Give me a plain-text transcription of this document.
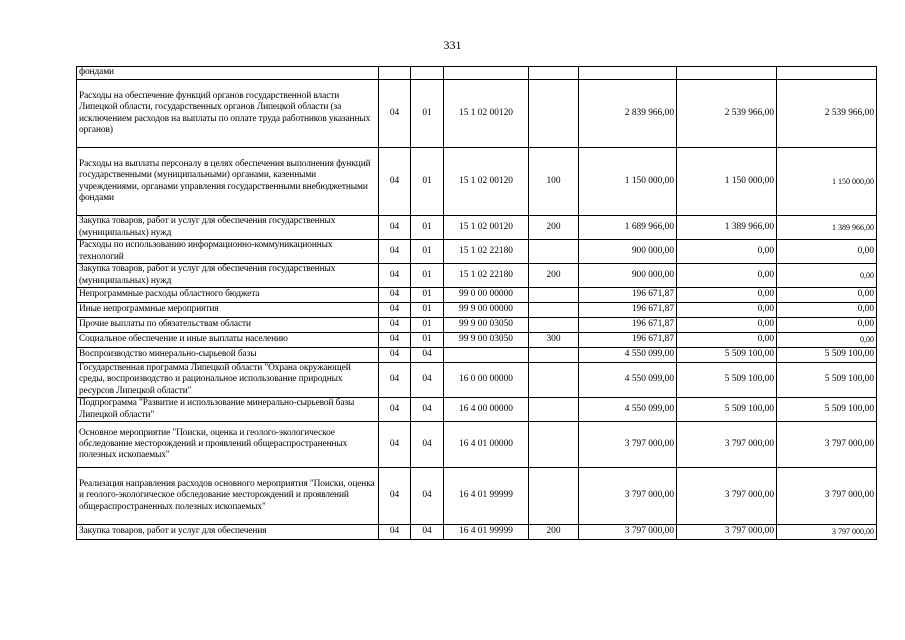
331
фондами							
Расходы на обеспечение функций органов государственной власти Липецкой области, государственных органов Липецкой области (за исключением расходов на выплаты по оплате труда работников указанных органов)	04	01	15 1 02 00120		2 839 966,00	2 539 966,00	2 539 966,00
Расходы на выплаты персоналу в целях обеспечения выполнения функций государственными (муниципальными) органами, казенными учреждениями, органами управления государственными внебюджетными фондами	04	01	15 1 02 00120	100	1 150 000,00	1 150 000,00	1 150 000,00
Закупка товаров, работ и услуг для обеспечения государственных (муниципальных) нужд	04	01	15 1 02 00120	200	1 689 966,00	1 389 966,00	1 389 966,00
Расходы по использованию информационно-коммуникационных технологий	04	01	15 1 02 22180		900 000,00	0,00	0,00
Закупка товаров, работ и услуг для обеспечения государственных (муниципальных) нужд	04	01	15 1 02 22180	200	900 000,00	0,00	0,00
Непрограммные расходы областного бюджета	04	01	99 0 00 00000		196 671,87	0,00	0,00
Иные непрограммные мероприятия	04	01	99 9 00 00000		196 671,87	0,00	0,00
Прочие выплаты по обязательствам области	04	01	99 9 00 03050		196 671,87	0,00	0,00
Социальное обеспечение и иные выплаты населению	04	01	99 9 00 03050	300	196 671,87	0,00	0,00
Воспроизводство минерально-сырьевой базы	04	04			4 550 099,00	5 509 100,00	5 509 100,00
Государственная программа Липецкой области "Охрана окружающей среды, воспроизводство и рациональное использование природных ресурсов Липецкой области"	04	04	16 0 00 00000		4 550 099,00	5 509 100,00	5 509 100,00
Подпрограмма "Развитие и использование минерально-сырьевой базы Липецкой области"	04	04	16 4 00 00000		4 550 099,00	5 509 100,00	5 509 100,00
Основное мероприятие "Поиски, оценка и геолого-экологическое обследование месторождений и проявлений общераспространенных полезных ископаемых"	04	04	16 4 01 00000		3 797 000,00	3 797 000,00	3 797 000,00
Реализация направления расходов основного мероприятия "Поиски, оценка и геолого-экологическое обследование месторождений и проявлений общераспространенных полезных ископаемых"	04	04	16 4 01 99999		3 797 000,00	3 797 000,00	3 797 000,00
Закупка товаров, работ и услуг для обеспечения	04	04	16 4 01 99999	200	3 797 000,00	3 797 000,00	3 797 000,00
